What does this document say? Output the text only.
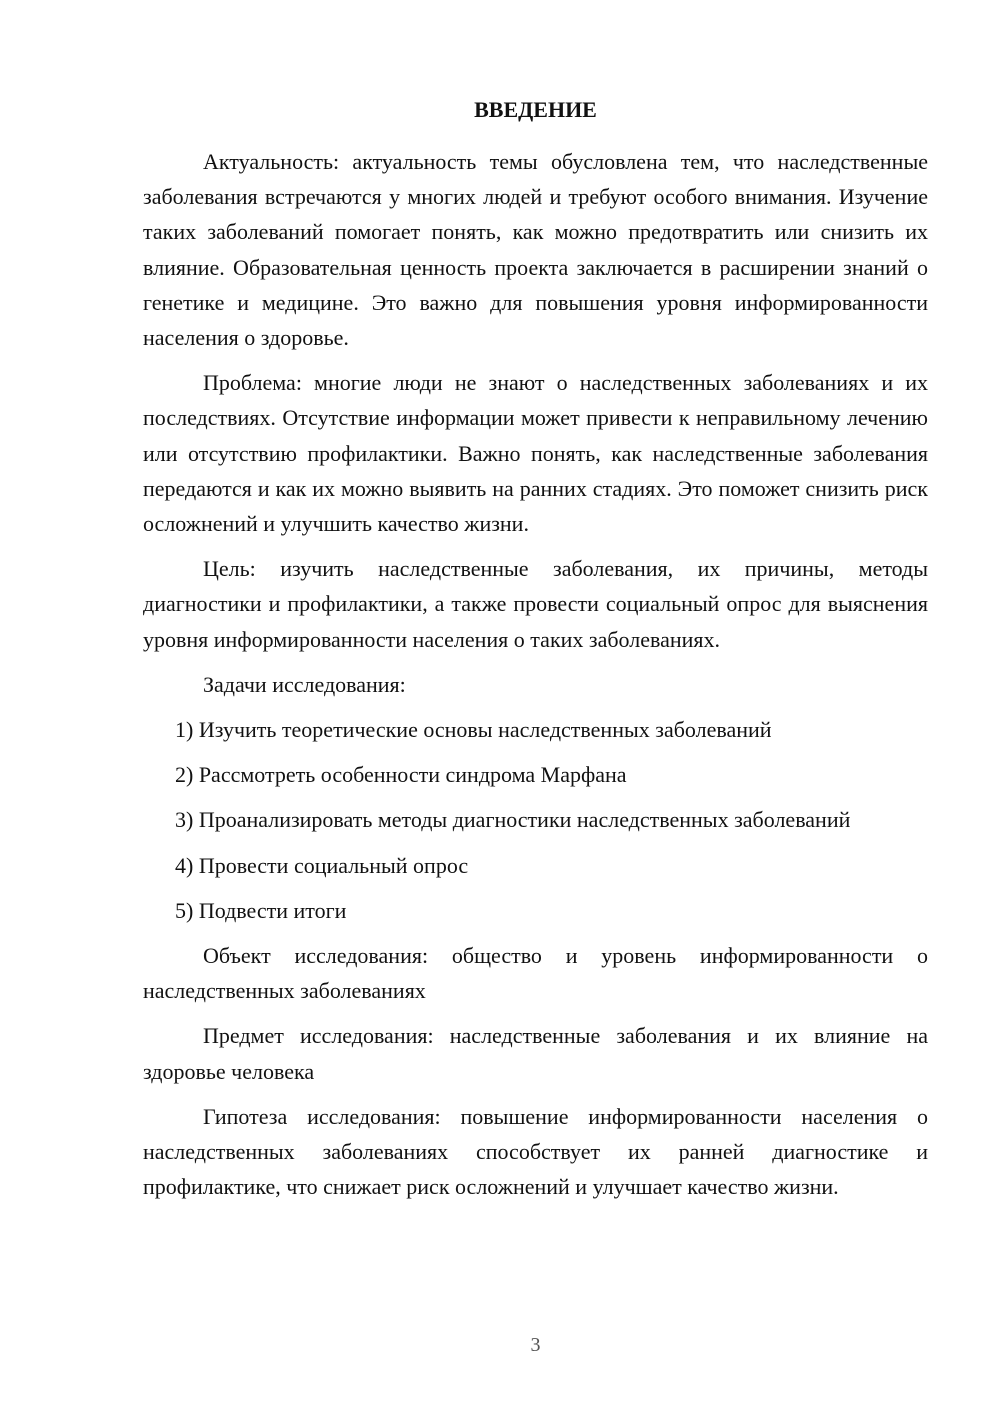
ВВЕДЕНИЕ

Актуальность: актуальность темы обусловлена тем, что наследственные заболевания встречаются у многих людей и требуют особого внимания. Изучение таких заболеваний помогает понять, как можно предотвратить или снизить их влияние. Образовательная ценность проекта заключается в расширении знаний о генетике и медицине. Это важно для повышения уровня информированности населения о здоровье.

Проблема: многие люди не знают о наследственных заболеваниях и их последствиях. Отсутствие информации может привести к неправильному лечению или отсутствию профилактики. Важно понять, как наследственные заболевания передаются и как их можно выявить на ранних стадиях. Это поможет снизить риск осложнений и улучшить качество жизни.

Цель: изучить наследственные заболевания, их причины, методы диагностики и профилактики, а также провести социальный опрос для выяснения уровня информированности населения о таких заболеваниях.

Задачи исследования:

1) Изучить теоретические основы наследственных заболеваний

2) Рассмотреть особенности синдрома Марфана

3) Проанализировать методы диагностики наследственных заболеваний

4) Провести социальный опрос

5) Подвести итоги

Объект исследования: общество и уровень информированности о наследственных заболеваниях

Предмет исследования: наследственные заболевания и их влияние на здоровье человека

Гипотеза исследования: повышение информированности населения о наследственных заболеваниях способствует их ранней диагностике и профилактике, что снижает риск осложнений и улучшает качество жизни.

3
